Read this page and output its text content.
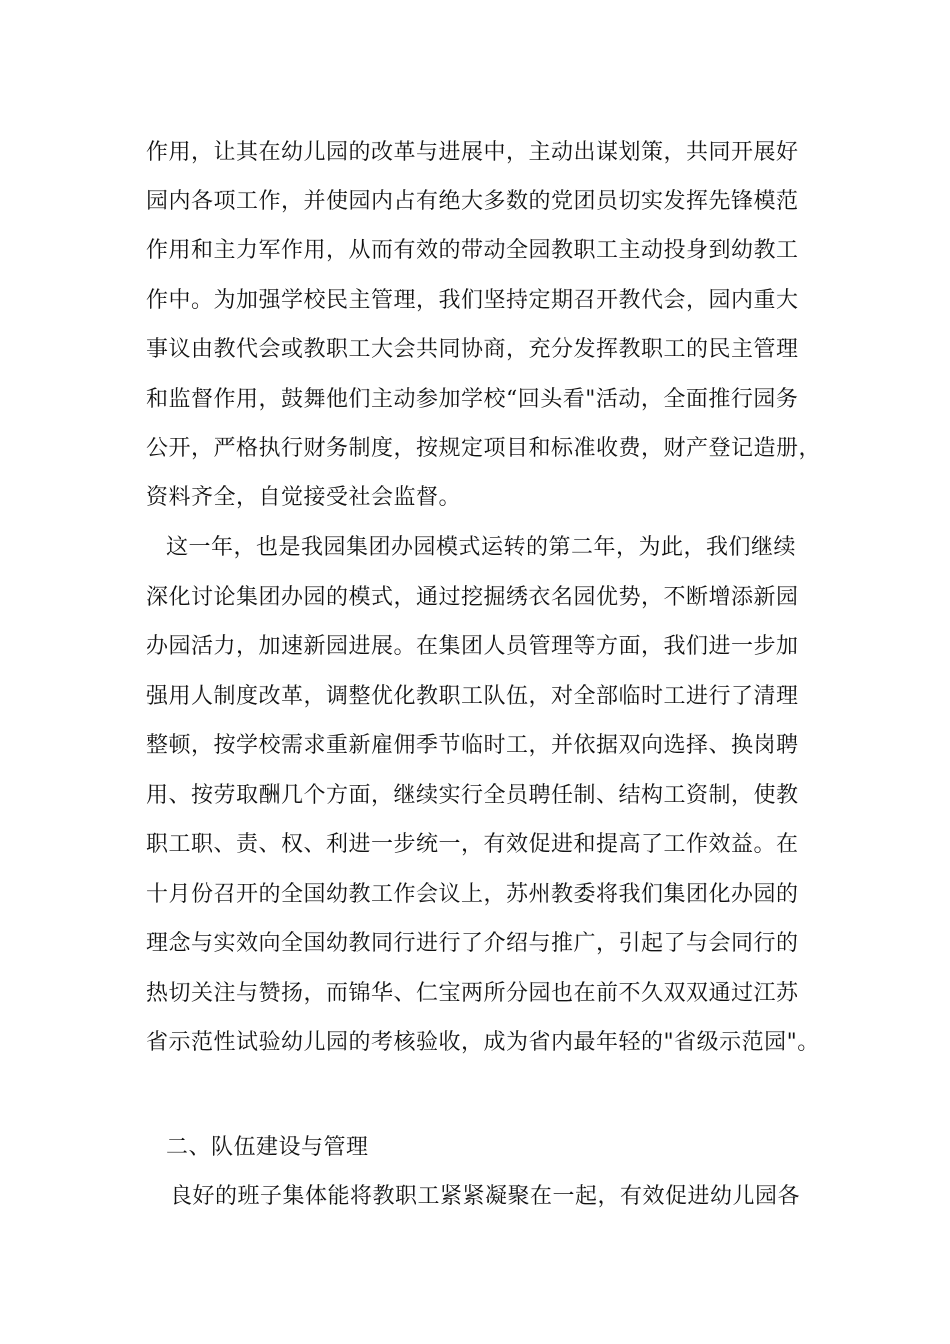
作用，让其在幼儿园的改革与进展中，主动出谋划策，共同开展好
园内各项工作，并使园内占有绝大多数的党团员切实发挥先锋模范
作用和主力军作用，从而有效的带动全园教职工主动投身到幼教工
作中。为加强学校民主管理，我们坚持定期召开教代会，园内重大
事议由教代会或教职工大会共同协商，充分发挥教职工的民主管理
和监督作用，鼓舞他们主动参加学校“回头看"活动，全面推行园务
公开，严格执行财务制度，按规定项目和标准收费，财产登记造册，
资料齐全，自觉接受社会监督。
这一年，也是我园集团办园模式运转的第二年，为此，我们继续
深化讨论集团办园的模式，通过挖掘绣衣名园优势，不断增添新园
办园活力，加速新园进展。在集团人员管理等方面，我们进一步加
强用人制度改革，调整优化教职工队伍，对全部临时工进行了清理
整顿，按学校需求重新雇佣季节临时工，并依据双向选择、换岗聘
用、按劳取酬几个方面，继续实行全员聘任制、结构工资制，使教
职工职、责、权、利进一步统一，有效促进和提高了工作效益。在
十月份召开的全国幼教工作会议上，苏州教委将我们集团化办园的
理念与实效向全国幼教同行进行了介绍与推广，引起了与会同行的
热切关注与赞扬，而锦华、仁宝两所分园也在前不久双双通过江苏
省示范性试验幼儿园的考核验收，成为省内最年轻的"省级示范园"。
二、队伍建设与管理
良好的班子集体能将教职工紧紧凝聚在一起，有效促进幼儿园各
